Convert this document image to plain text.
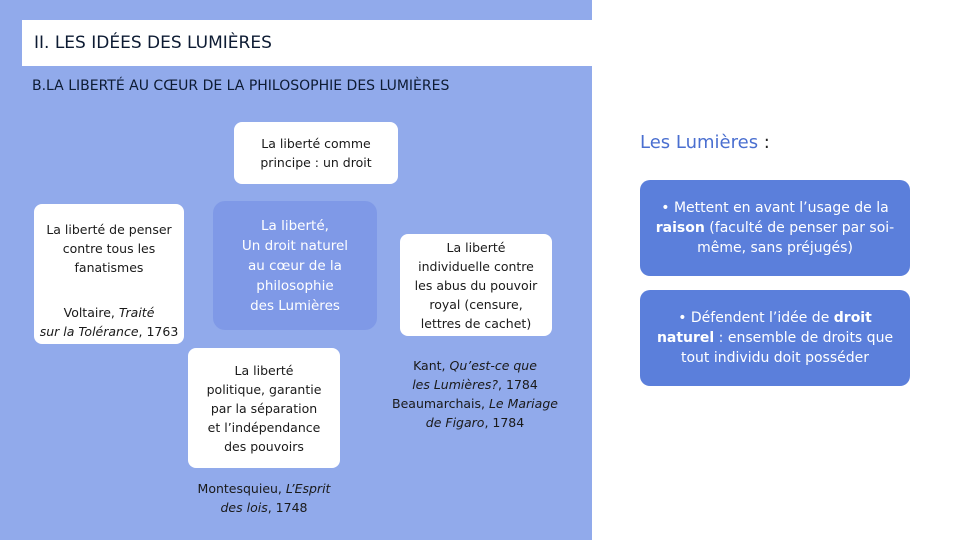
II. LES IDÉES DES LUMIÈRES
B.LA LIBERTÉ AU CŒUR DE LA PHILOSOPHIE DES LUMIÈRES
La liberté comme
principe : un droit
La liberté,
Un droit naturel
au cœur de la
philosophie
des Lumières
La liberté de penser
contre tous les
fanatismes
Voltaire, Traité
sur la Tolérance, 1763
La liberté
individuelle contre
les abus du pouvoir
royal (censure,
lettres de cachet)
Kant, Qu’est-ce que
les Lumières?, 1784
Beaumarchais, Le Mariage
de Figaro, 1784
La liberté
politique, garantie
par la séparation
et l’indépendance
des pouvoirs
Montesquieu, L’Esprit
des lois, 1748
Les Lumières :
• Mettent en avant l’usage de la raison (faculté de penser par soi-même, sans préjugés)
• Défendent l’idée de droit naturel : ensemble de droits que tout individu doit posséder
